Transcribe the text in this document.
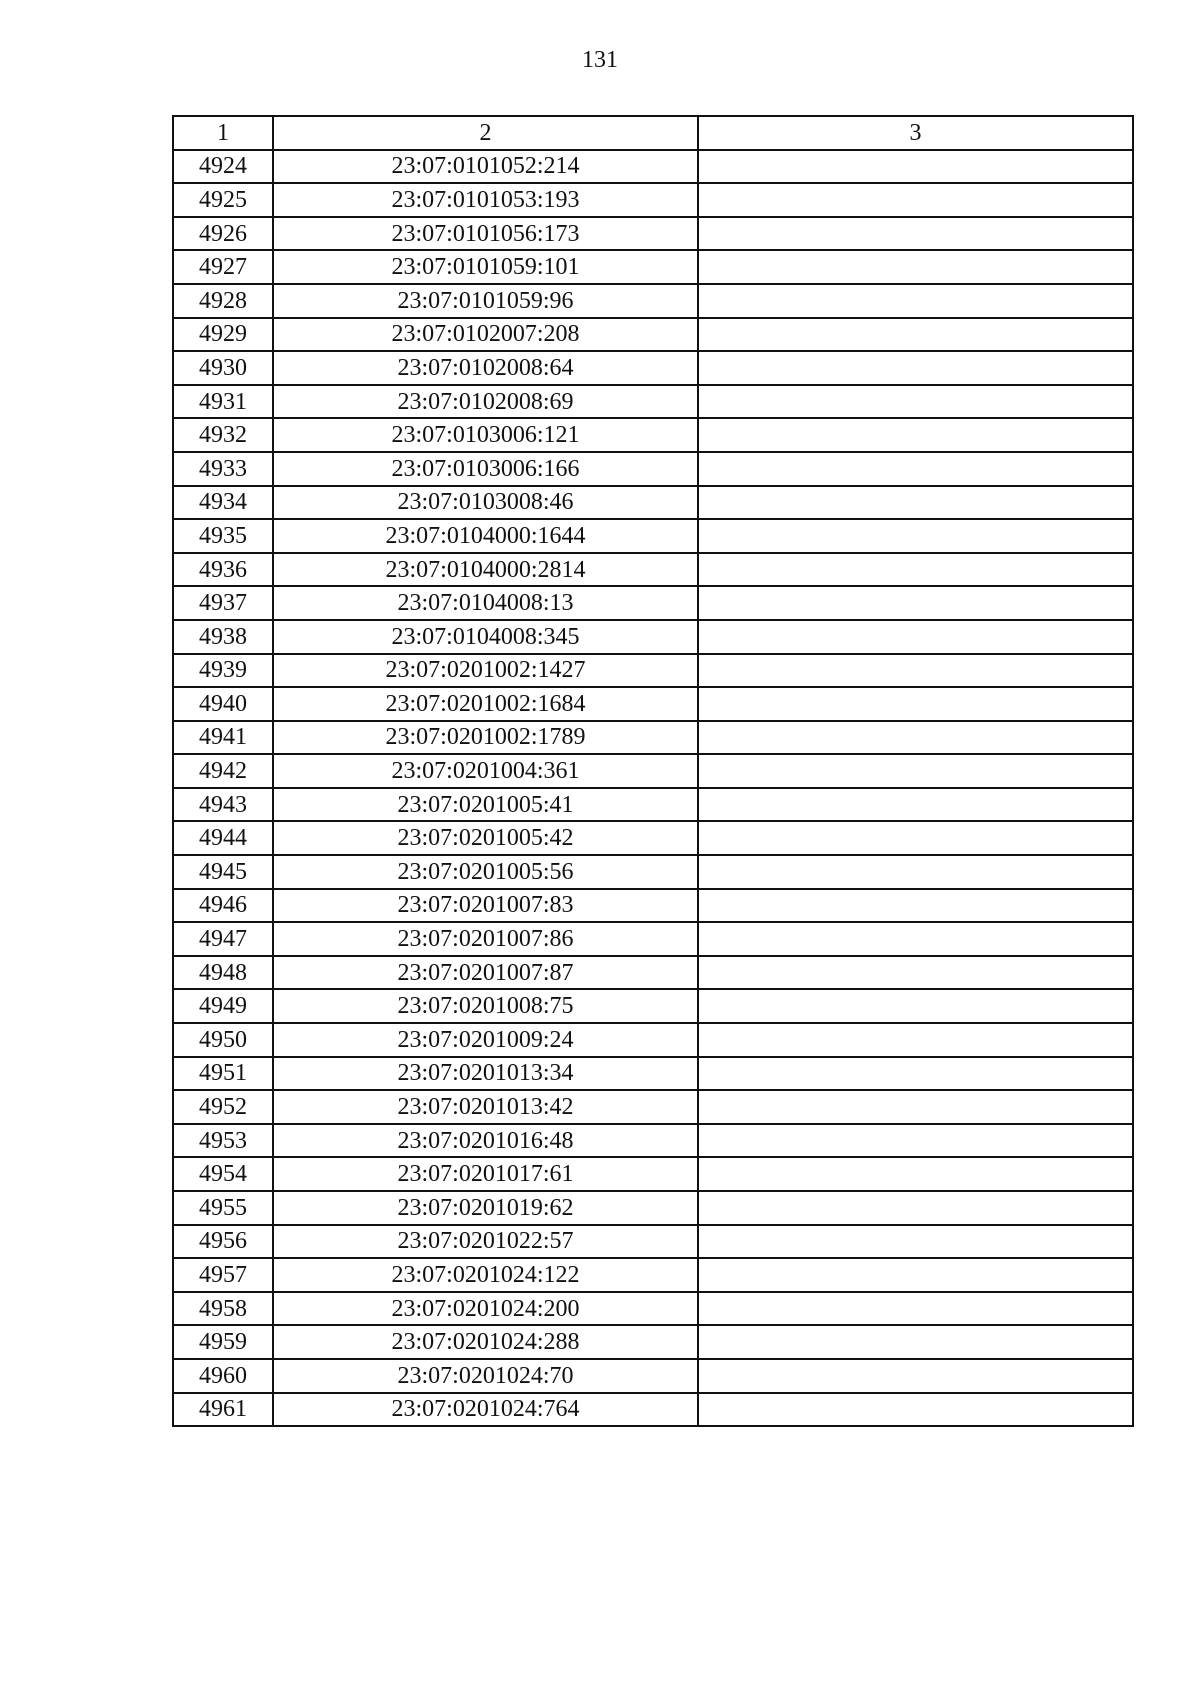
131
1	2	3
4924	23:07:0101052:214	
4925	23:07:0101053:193	
4926	23:07:0101056:173	
4927	23:07:0101059:101	
4928	23:07:0101059:96	
4929	23:07:0102007:208	
4930	23:07:0102008:64	
4931	23:07:0102008:69	
4932	23:07:0103006:121	
4933	23:07:0103006:166	
4934	23:07:0103008:46	
4935	23:07:0104000:1644	
4936	23:07:0104000:2814	
4937	23:07:0104008:13	
4938	23:07:0104008:345	
4939	23:07:0201002:1427	
4940	23:07:0201002:1684	
4941	23:07:0201002:1789	
4942	23:07:0201004:361	
4943	23:07:0201005:41	
4944	23:07:0201005:42	
4945	23:07:0201005:56	
4946	23:07:0201007:83	
4947	23:07:0201007:86	
4948	23:07:0201007:87	
4949	23:07:0201008:75	
4950	23:07:0201009:24	
4951	23:07:0201013:34	
4952	23:07:0201013:42	
4953	23:07:0201016:48	
4954	23:07:0201017:61	
4955	23:07:0201019:62	
4956	23:07:0201022:57	
4957	23:07:0201024:122	
4958	23:07:0201024:200	
4959	23:07:0201024:288	
4960	23:07:0201024:70	
4961	23:07:0201024:764	
